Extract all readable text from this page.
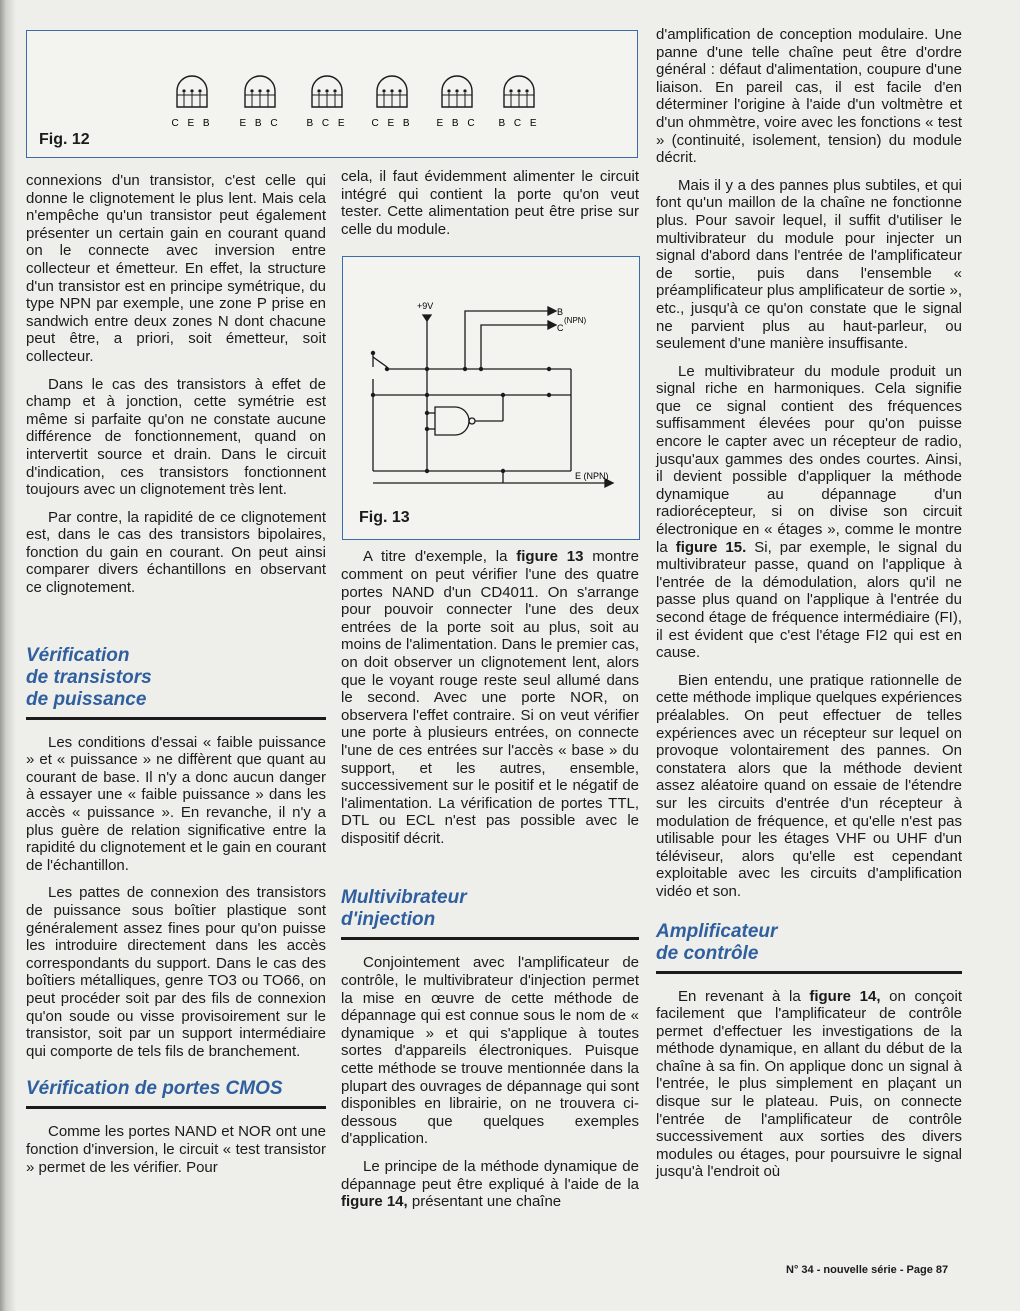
C E B	E B C	B C E C E B E B C B C E
Fig. 12
+9V
B
(NPN)
C
E (NPN)
Fig. 13

connexions d'un transistor, c'est celle qui donne le clignotement le plus lent. Mais cela n'empêche qu'un transistor peut également présenter un certain gain en courant quand on le connecte avec inversion entre collecteur et émetteur. En effet, la structure d'un transistor est en principe symétrique, du type NPN par exemple, une zone P prise en sandwich entre deux zones N dont chacune peut être, a priori, soit émetteur, soit collecteur.

Dans le cas des transistors à effet de champ et à jonction, cette symétrie est même si parfaite qu'on ne constate aucune différence de fonctionnement, quand on intervertit source et drain. Dans le circuit d'indication, ces transistors fonctionnent toujours avec un clignotement très lent.

Par contre, la rapidité de ce clignotement est, dans le cas des transistors bipolaires, fonction du gain en courant. On peut ainsi comparer divers échantillons en observant ce clignotement.

Vérification
de transistors
de puissance

Les conditions d'essai « faible puissance » et « puissance » ne diffèrent que quant au courant de base. Il n'y a donc aucun danger à essayer une « faible puissance » dans les accès « puissance ». En revanche, il n'y a plus guère de relation significative entre la rapidité du clignotement et le gain en courant de l'échantillon.

Les pattes de connexion des transistors de puissance sous boîtier plastique sont généralement assez fines pour qu'on puisse les introduire directement dans les accès correspondants du support. Dans le cas des boîtiers métalliques, genre TO3 ou TO66, on peut procéder soit par des fils de connexion qu'on soude ou visse provisoirement sur le transistor, soit par un support intermédiaire qui comporte de tels fils de branchement.

Vérification de portes CMOS

Comme les portes NAND et NOR ont une fonction d'inversion, le circuit « test transistor » permet de les vérifier. Pour

cela, il faut évidemment alimenter le circuit intégré qui contient la porte qu'on veut tester. Cette alimentation peut être prise sur celle du module.

A titre d'exemple, la figure 13 montre comment on peut vérifier l'une des quatre portes NAND d'un CD4011. On s'arrange pour pouvoir connecter l'une des deux entrées de la porte soit au plus, soit au moins de l'alimentation. Dans le premier cas, on doit observer un clignotement lent, alors que le voyant rouge reste seul allumé dans le second. Avec une porte NOR, on observera l'effet contraire. Si on veut vérifier une porte à plusieurs entrées, on connecte l'une de ces entrées sur l'accès « base » du support, et les autres, ensemble, successivement sur le positif et le négatif de l'alimentation. La vérification de portes TTL, DTL ou ECL n'est pas possible avec le dispositif décrit.

Multivibrateur
d'injection

Conjointement avec l'amplificateur de contrôle, le multivibrateur d'injection permet la mise en œuvre de cette méthode de dépannage qui est connue sous le nom de « dynamique » et qui s'applique à toutes sortes d'appareils électroniques. Puisque cette méthode se trouve mentionnée dans la plupart des ouvrages de dépannage qui sont disponibles en librairie, on ne trouvera ci-dessous que quelques exemples d'application.

Le principe de la méthode dynamique de dépannage peut être expliqué à l'aide de la figure 14, présentant une chaîne

d'amplification de conception modulaire. Une panne d'une telle chaîne peut être d'ordre général : défaut d'alimentation, coupure d'une liaison. En pareil cas, il est facile d'en déterminer l'origine à l'aide d'un voltmètre et d'un ohmmètre, voire avec les fonctions « test » (continuité, isolement, tension) du module décrit.

Mais il y a des pannes plus subtiles, et qui font qu'un maillon de la chaîne ne fonctionne plus. Pour savoir lequel, il suffit d'utiliser le multivibrateur du module pour injecter un signal d'abord dans l'entrée de l'amplificateur de sortie, puis dans l'ensemble « préamplificateur plus amplificateur de sortie », etc., jusqu'à ce qu'on constate que le signal ne parvient plus au haut-parleur, ou seulement d'une manière insuffisante.

Le multivibrateur du module produit un signal riche en harmoniques. Cela signifie que ce signal contient des fréquences suffisamment élevées pour qu'on puisse encore le capter avec un récepteur de radio, jusqu'aux gammes des ondes courtes. Ainsi, il devient possible d'appliquer la méthode dynamique au dépannage d'un radiorécepteur, si on divise son circuit électronique en « étages », comme le montre la figure 15. Si, par exemple, le signal du multivibrateur passe, quand on l'applique à l'entrée de la démodulation, alors qu'il ne passe plus quand on l'applique à l'entrée du second étage de fréquence intermédiaire (FI), il est évident que c'est l'étage FI2 qui est en cause.

Bien entendu, une pratique rationnelle de cette méthode implique quelques expériences préalables. On peut effectuer de telles expériences avec un récepteur sur lequel on provoque volontairement des pannes. On constatera alors que la méthode devient assez aléatoire quand on essaie de l'étendre sur les circuits d'entrée d'un récepteur à modulation de fréquence, et qu'elle n'est pas utilisable pour les étages VHF ou UHF d'un téléviseur, alors qu'elle est cependant exploitable avec les circuits d'amplification vidéo et son.

Amplificateur
de contrôle

En revenant à la figure 14, on conçoit facilement que l'amplificateur de contrôle permet d'effectuer les investigations de la méthode dynamique, en allant du début de la chaîne à sa fin. On applique donc un signal à l'entrée, le plus simplement en plaçant un disque sur le plateau. Puis, on connecte l'entrée de l'amplificateur de contrôle successivement aux sorties des divers modules ou étages, pour poursuivre le signal jusqu'à l'endroit où

N° 34 - nouvelle série - Page 87
